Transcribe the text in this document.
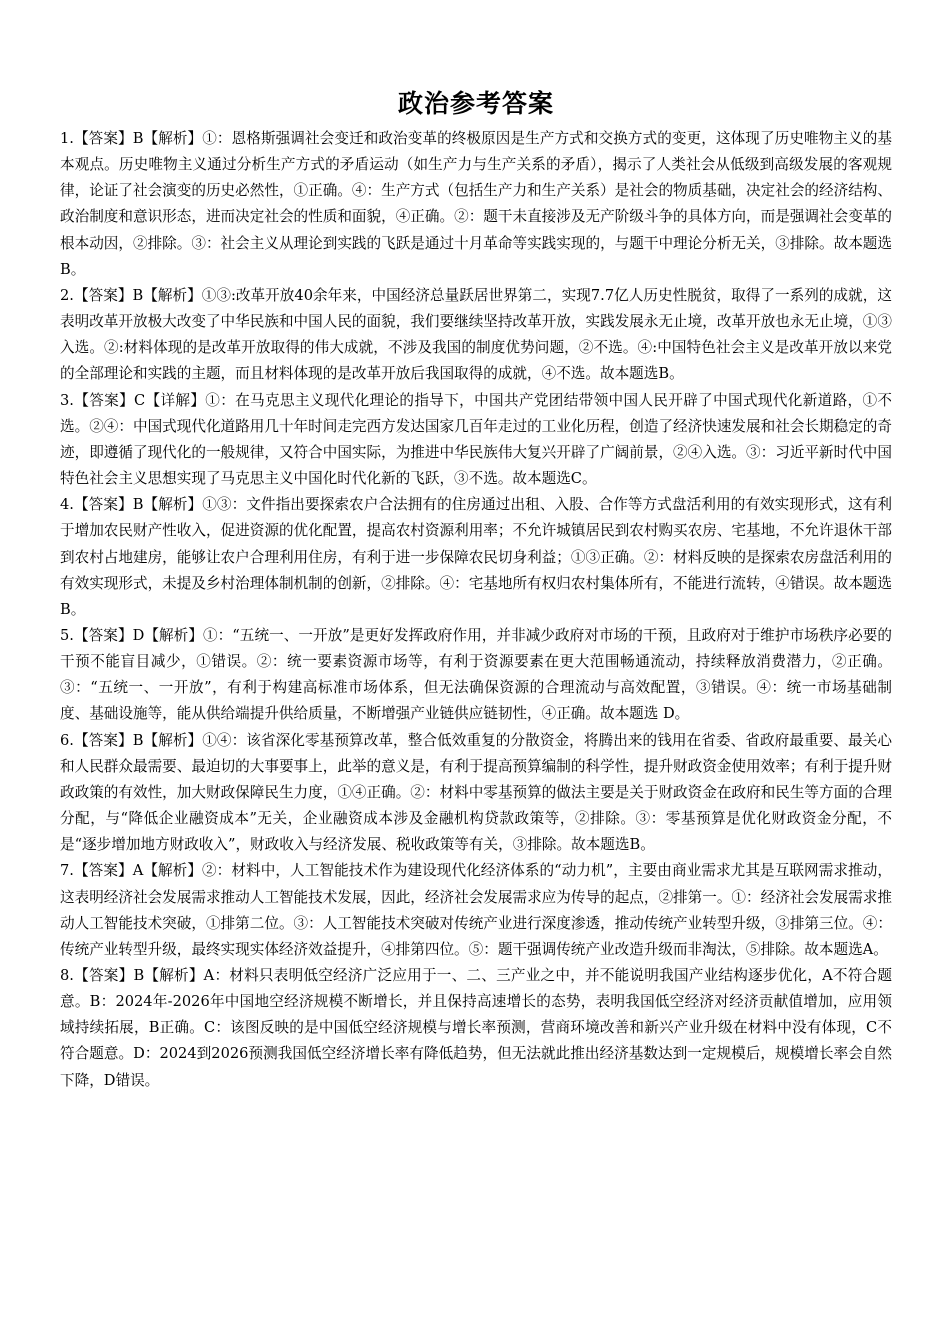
政治参考答案

1.【答案】B【解析】①：恩格斯强调社会变迁和政治变革的终极原因是生产方式和交换方式的变更，这体现了历史唯物主义的基本观点。历史唯物主义通过分析生产方式的矛盾运动（如生产力与生产关系的矛盾），揭示了人类社会从低级到高级发展的客观规律，论证了社会演变的历史必然性，①正确。④：生产方式（包括生产力和生产关系）是社会的物质基础，决定社会的经济结构、政治制度和意识形态，进而决定社会的性质和面貌，④正确。②：题干未直接涉及无产阶级斗争的具体方向，而是强调社会变革的根本动因，②排除。③：社会主义从理论到实践的飞跃是通过十月革命等实践实现的，与题干中理论分析无关，③排除。故本题选B。

2.【答案】B【解析】①③:改革开放40余年来，中国经济总量跃居世界第二，实现7.7亿人历史性脱贫，取得了一系列的成就，这表明改革开放极大改变了中华民族和中国人民的面貌，我们要继续坚持改革开放，实践发展永无止境，改革开放也永无止境，①③入选。②:材料体现的是改革开放取得的伟大成就，不涉及我国的制度优势问题，②不选。④:中国特色社会主义是改革开放以来党的全部理论和实践的主题，而且材料体现的是改革开放后我国取得的成就，④不选。故本题选B。

3.【答案】C【详解】①：在马克思主义现代化理论的指导下，中国共产党团结带领中国人民开辟了中国式现代化新道路，①不选。②④：中国式现代化道路用几十年时间走完西方发达国家几百年走过的工业化历程，创造了经济快速发展和社会长期稳定的奇迹，即遵循了现代化的一般规律，又符合中国实际，为推进中华民族伟大复兴开辟了广阔前景，②④入选。③：习近平新时代中国特色社会主义思想实现了马克思主义中国化时代化新的飞跃，③不选。故本题选C。

4.【答案】B【解析】①③：文件指出要探索农户合法拥有的住房通过出租、入股、合作等方式盘活利用的有效实现形式，这有利于增加农民财产性收入，促进资源的优化配置，提高农村资源利用率；不允许城镇居民到农村购买农房、宅基地，不允许退休干部到农村占地建房，能够让农户合理利用住房，有利于进一步保障农民切身利益；①③正确。②：材料反映的是探索农房盘活利用的有效实现形式，未提及乡村治理体制机制的创新，②排除。④：宅基地所有权归农村集体所有，不能进行流转，④错误。故本题选B。

5.【答案】D【解析】①：“五统一、一开放”是更好发挥政府作用，并非减少政府对市场的干预，且政府对于维护市场秩序必要的干预不能盲目减少，①错误。②：统一要素资源市场等，有利于资源要素在更大范围畅通流动，持续释放消费潜力，②正确。③：“五统一、一开放”，有利于构建高标准市场体系，但无法确保资源的合理流动与高效配置，③错误。④：统一市场基础制度、基础设施等，能从供给端提升供给质量，不断增强产业链供应链韧性，④正确。故本题选 D。

6.【答案】B【解析】①④：该省深化零基预算改革，整合低效重复的分散资金，将腾出来的钱用在省委、省政府最重要、最关心和人民群众最需要、最迫切的大事要事上，此举的意义是，有利于提高预算编制的科学性，提升财政资金使用效率；有利于提升财政政策的有效性，加大财政保障民生力度，①④正确。②：材料中零基预算的做法主要是关于财政资金在政府和民生等方面的合理分配，与“降低企业融资成本”无关，企业融资成本涉及金融机构贷款政策等，②排除。③：零基预算是优化财政资金分配，不是“逐步增加地方财政收入”，财政收入与经济发展、税收政策等有关，③排除。故本题选B。

7.【答案】A【解析】②：材料中，人工智能技术作为建设现代化经济体系的“动力机”，主要由商业需求尤其是互联网需求推动，这表明经济社会发展需求推动人工智能技术发展，因此，经济社会发展需求应为传导的起点，②排第一。①：经济社会发展需求推动人工智能技术突破，①排第二位。③：人工智能技术突破对传统产业进行深度渗透，推动传统产业转型升级，③排第三位。④：传统产业转型升级，最终实现实体经济效益提升，④排第四位。⑤：题干强调传统产业改造升级而非淘汰，⑤排除。故本题选A。

8.【答案】B【解析】A：材料只表明低空经济广泛应用于一、二、三产业之中，并不能说明我国产业结构逐步优化，A不符合题意。B：2024年-2026年中国地空经济规模不断增长，并且保持高速增长的态势，表明我国低空经济对经济贡献值增加，应用领域持续拓展，B正确。C：该图反映的是中国低空经济规模与增长率预测，营商环境改善和新兴产业升级在材料中没有体现，C不符合题意。D：2024到2026预测我国低空经济增长率有降低趋势，但无法就此推出经济基数达到一定规模后，规模增长率会自然下降，D错误。
